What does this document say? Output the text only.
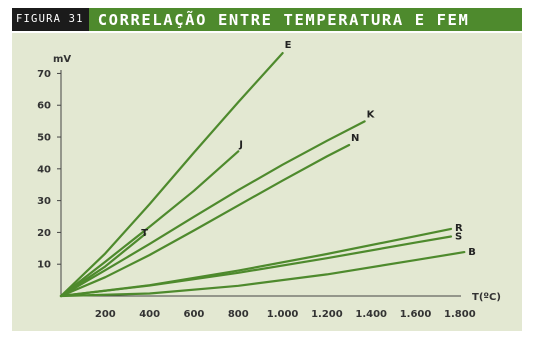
FIGURA 31 CORRELAÇÃO ENTRE TEMPERATURA E FEM
mV
T(ºC)
10
20
30
40
50
60
70
200 400 600 800 1.000 1.200 1.400 1.600 1.800
E
J
T
K
N
R
S
B
